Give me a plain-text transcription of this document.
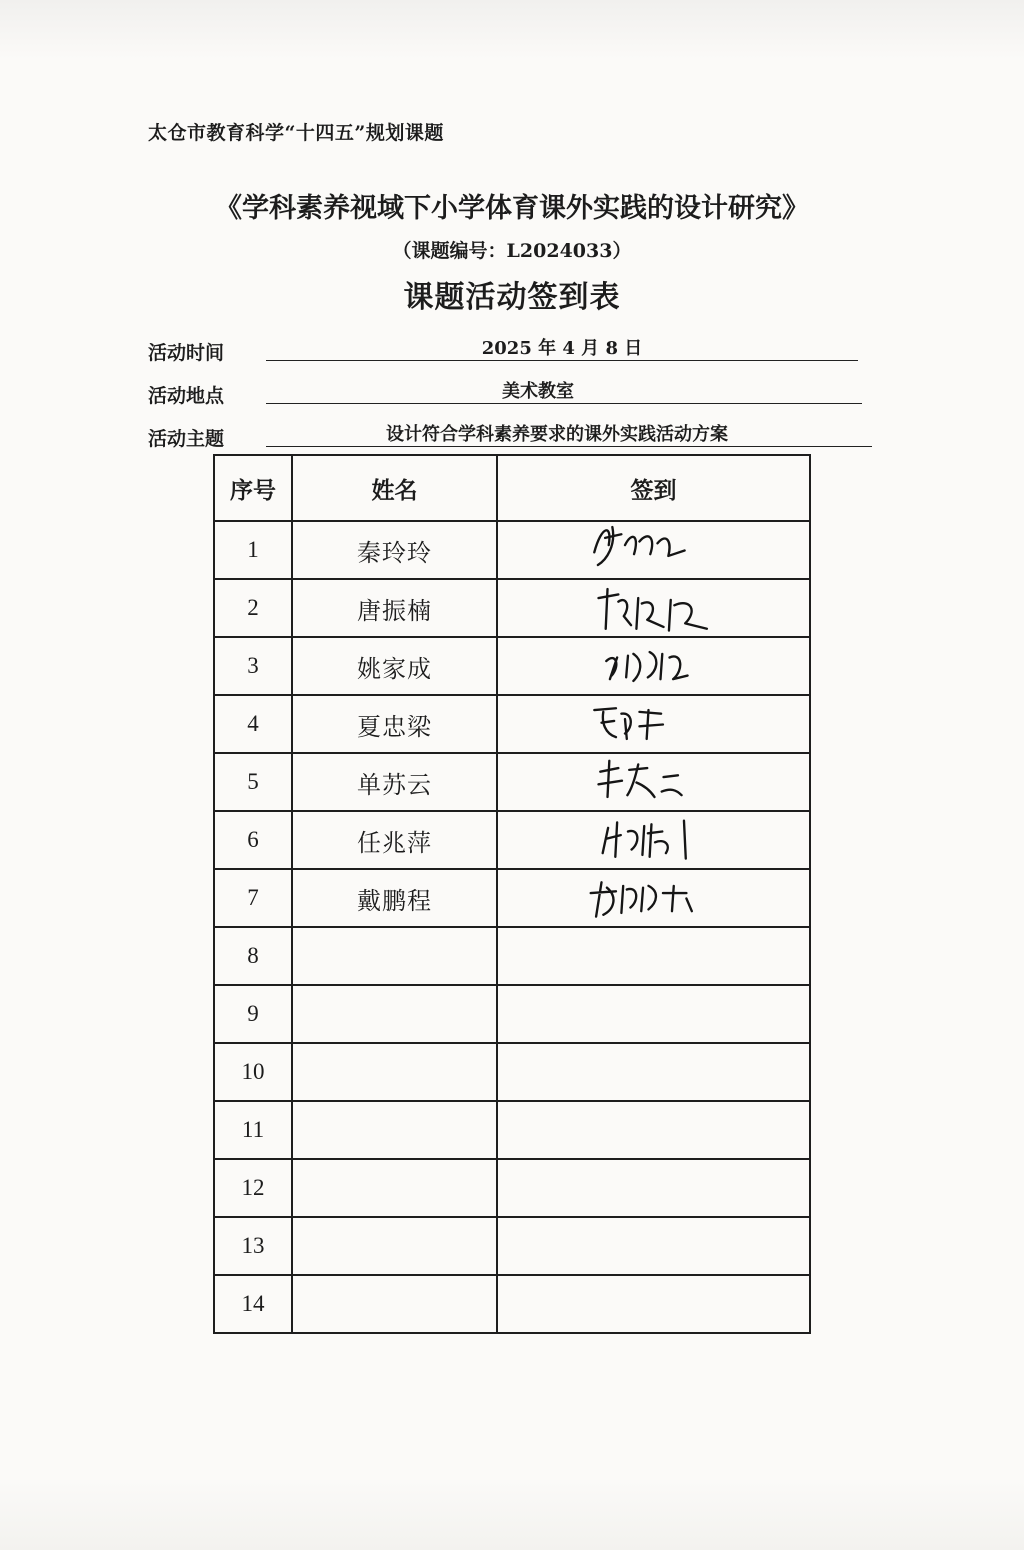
太仓市教育科学“十四五”规划课题
《学科素养视域下小学体育课外实践的设计研究》
（课题编号：L2024033）
课题活动签到表
活动时间	2025 年 4 月 8 日
活动地点	美术教室
活动主题	设计符合学科素养要求的课外实践活动方案
序号	姓名	签到
1	秦玲玲	

2	唐振楠	

3	姚家成	

4	夏忠梁	

5	单苏云	

6	任兆萍	

7	戴鹏程	

8		
9		
10		
11		
12		
13		
14		
